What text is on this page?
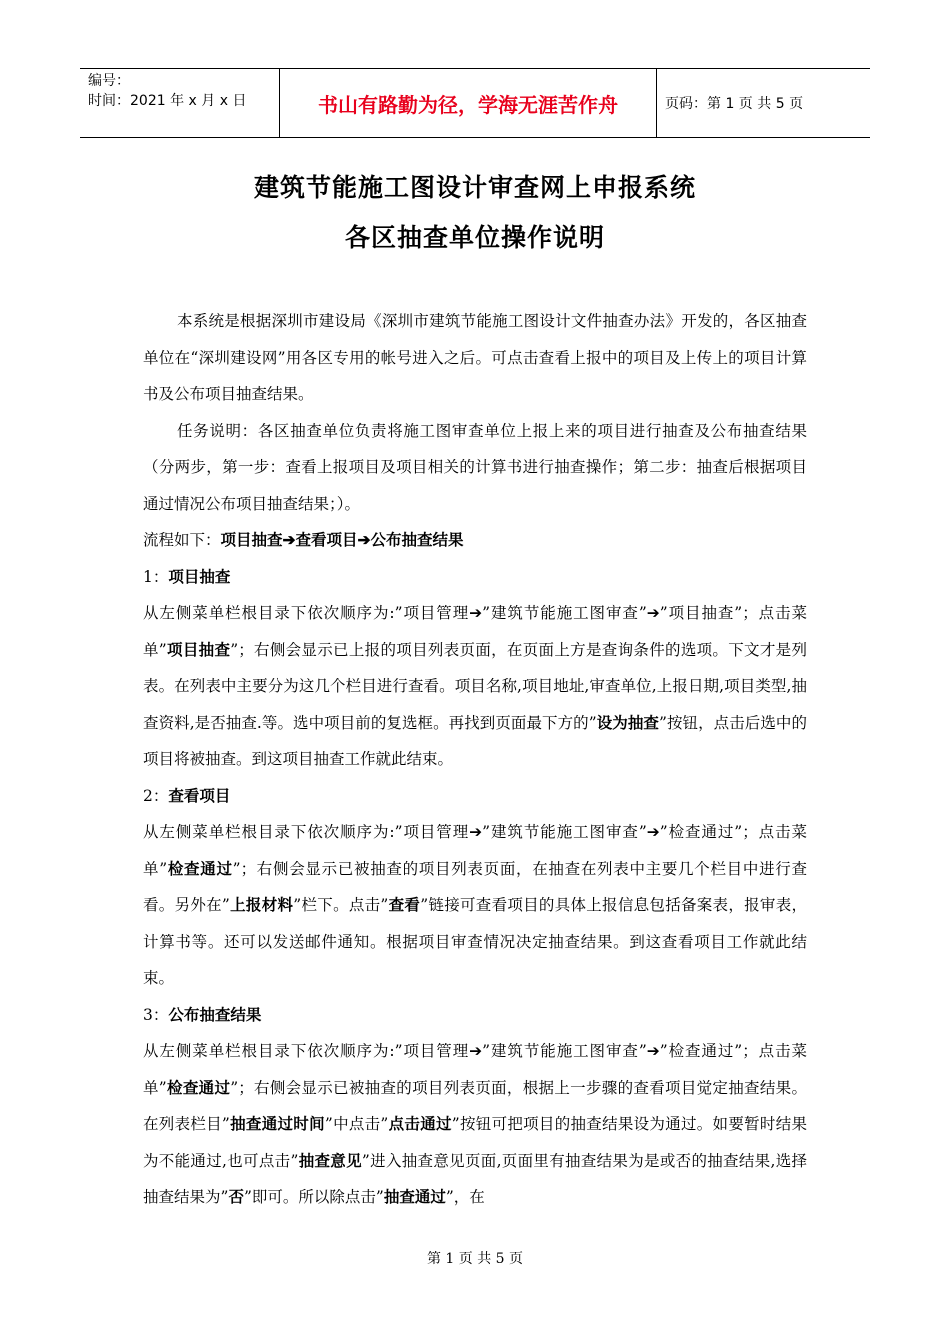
编号：
时间：2021 年 x 月 x 日	书山有路勤为径，学海无涯苦作舟	页码：第 1 页 共 5 页
建筑节能施工图设计审查网上申报系统
各区抽查单位操作说明

本系统是根据深圳市建设局《深圳市建筑节能施工图设计文件抽查办法》开发的，各区抽查单位在“深圳建设网”用各区专用的帐号进入之后。可点击查看上报中的项目及上传上的项目计算书及公布项目抽查结果。

任务说明：各区抽查单位负责将施工图审查单位上报上来的项目进行抽查及公布抽查结果（分两步，第一步：查看上报项目及项目相关的计算书进行抽查操作；第二步：抽查后根据项目通过情况公布项目抽查结果；）。

流程如下：项目抽查➔查看项目➔公布抽查结果

1：项目抽查

从左侧菜单栏根目录下依次顺序为:”项目管理➔”建筑节能施工图审查”➔”项目抽查”；点击菜单”项目抽查”；右侧会显示已上报的项目列表页面，在页面上方是查询条件的选项。下文才是列表。在列表中主要分为这几个栏目进行查看。项目名称,项目地址,审查单位,上报日期,项目类型,抽查资料,是否抽查.等。选中项目前的复选框。再找到页面最下方的”设为抽查”按钮，点击后选中的项目将被抽查。到这项目抽查工作就此结束。

2：查看项目

从左侧菜单栏根目录下依次顺序为:”项目管理➔”建筑节能施工图审查”➔”检查通过”；点击菜单”检查通过”；右侧会显示已被抽查的项目列表页面，在抽查在列表中主要几个栏目中进行查看。另外在”上报材料”栏下。点击”查看”链接可查看项目的具体上报信息包括备案表，报审表，计算书等。还可以发送邮件通知。根据项目审查情况决定抽查结果。到这查看项目工作就此结束。

3：公布抽查结果

从左侧菜单栏根目录下依次顺序为:”项目管理➔”建筑节能施工图审查”➔”检查通过”；点击菜单”检查通过”；右侧会显示已被抽查的项目列表页面，根据上一步骤的查看项目觉定抽查结果。在列表栏目”抽查通过时间”中点击”点击通过”按钮可把项目的抽查结果设为通过。如要暂时结果为不能通过,也可点击”抽查意见”进入抽查意见页面,页面里有抽查结果为是或否的抽查结果,选择抽查结果为”否”即可。所以除点击”抽查通过”，在

第 1 页 共 5 页
